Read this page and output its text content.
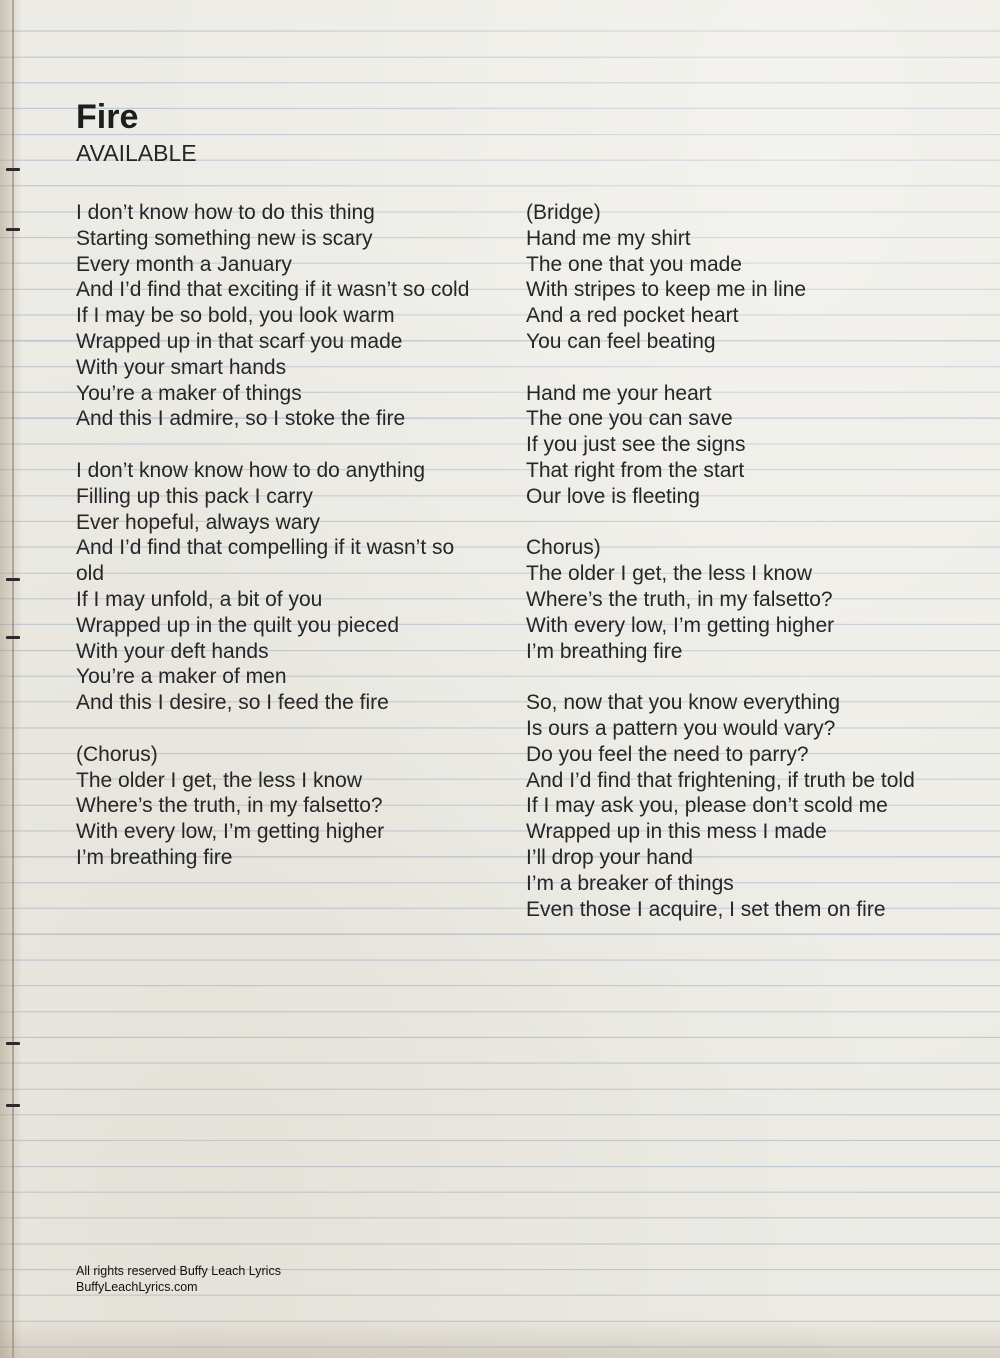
Fire
AVAILABLE
I don’t know how to do this thing
Starting something new is scary
Every month a January
And I’d find that exciting if it wasn’t so cold
If I may be so bold, you look warm
Wrapped up in that scarf you made
With your smart hands
You’re a maker of things
And this I admire, so I stoke the fire
I don’t know know how to do anything
Filling up this pack I carry
Ever hopeful, always wary
And I’d find that compelling if it wasn’t so
old
If I may unfold, a bit of you
Wrapped up in the quilt you pieced
With your deft hands
You’re a maker of men
And this I desire, so I feed the fire
(Chorus)
The older I get, the less I know
Where’s the truth, in my falsetto?
With every low, I’m getting higher
I’m breathing fire
(Bridge)
Hand me my shirt
The one that you made
With stripes to keep me in line
And a red pocket heart
You can feel beating
Hand me your heart
The one you can save
If you just see the signs
That right from the start
Our love is fleeting
Chorus)
The older I get, the less I know
Where’s the truth, in my falsetto?
With every low, I’m getting higher
I’m breathing fire
So, now that you know everything
Is ours a pattern you would vary?
Do you feel the need to parry?
And I’d find that frightening, if truth be told
If I may ask you, please don’t scold me
Wrapped up in this mess I made
I’ll drop your hand
I’m a breaker of things
Even those I acquire, I set them on fire
All rights reserved Buffy Leach Lyrics
BuffyLeachLyrics.com
